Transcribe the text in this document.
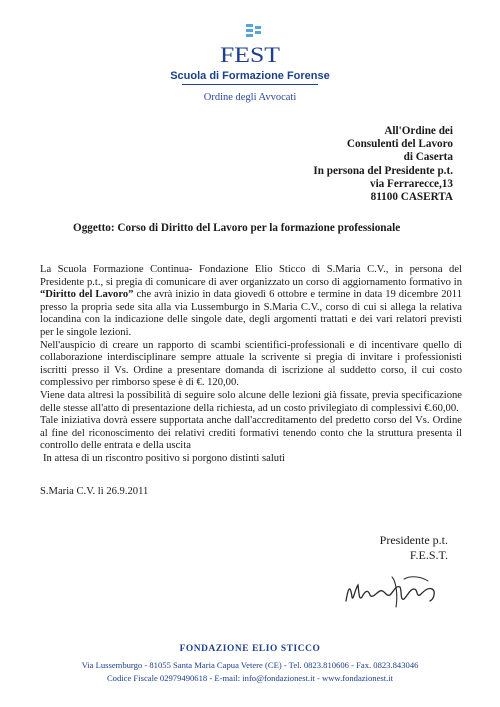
FEST
Scuola di Formazione Forense
Ordine degli Avvocati
All'Ordine dei
Consulenti del Lavoro
di Caserta
In persona del Presidente p.t.
via Ferrarecce,13
81100 CASERTA
Oggetto: Corso di Diritto del Lavoro per la formazione professionale

La Scuola Formazione Continua- Fondazione Elio Sticco di S.Maria C.V., in persona del Presidente p.t., si pregia di comunicare di aver organizzato un corso di aggiornamento formativo in “Diritto del Lavoro” che avrà inizio in data giovedì 6 ottobre e termine in data 19 dicembre 2011 presso la propria sede sita alla via Lussemburgo in S.Maria C.V., corso di cui si allega la relativa locandina con la indicazione delle singole date, degli argomenti trattati e dei vari relatori previsti per le singole lezioni.

Nell'auspicio di creare un rapporto di scambi scientifici-professionali e di incentivare quello di collaborazione interdisciplinare sempre attuale la scrivente si pregia di invitare i professionisti iscritti presso il Vs. Ordine a presentare domanda di iscrizione al suddetto corso, il cui costo complessivo per rimborso spese è di €. 120,00.

Viene data altresì la possibilità di seguire solo alcune delle lezioni già fissate, previa specificazione delle stesse all'atto di presentazione della richiesta, ad un costo privilegiato di complessivi €.60,00.

Tale iniziativa dovrà essere supportata anche dall'accreditamento del predetto corso del Vs. Ordine al fine del riconoscimento dei relativi crediti formativi tenendo conto che la struttura presenta il controllo delle entrata e della uscita

In attesa di un riscontro positivo si porgono distinti saluti

S.Maria C.V. lì 26.9.2011
Presidente p.t.
F.E.S.T.
FONDAZIONE ELIO STICCO
Via Lussemburgo - 81055 Santa Maria Capua Vetere (CE) - Tel. 0823.810606 - Fax. 0823.843046
Codice Fiscale 02979490618 - E-mail: info@fondazionest.it - www.fondazionest.it
